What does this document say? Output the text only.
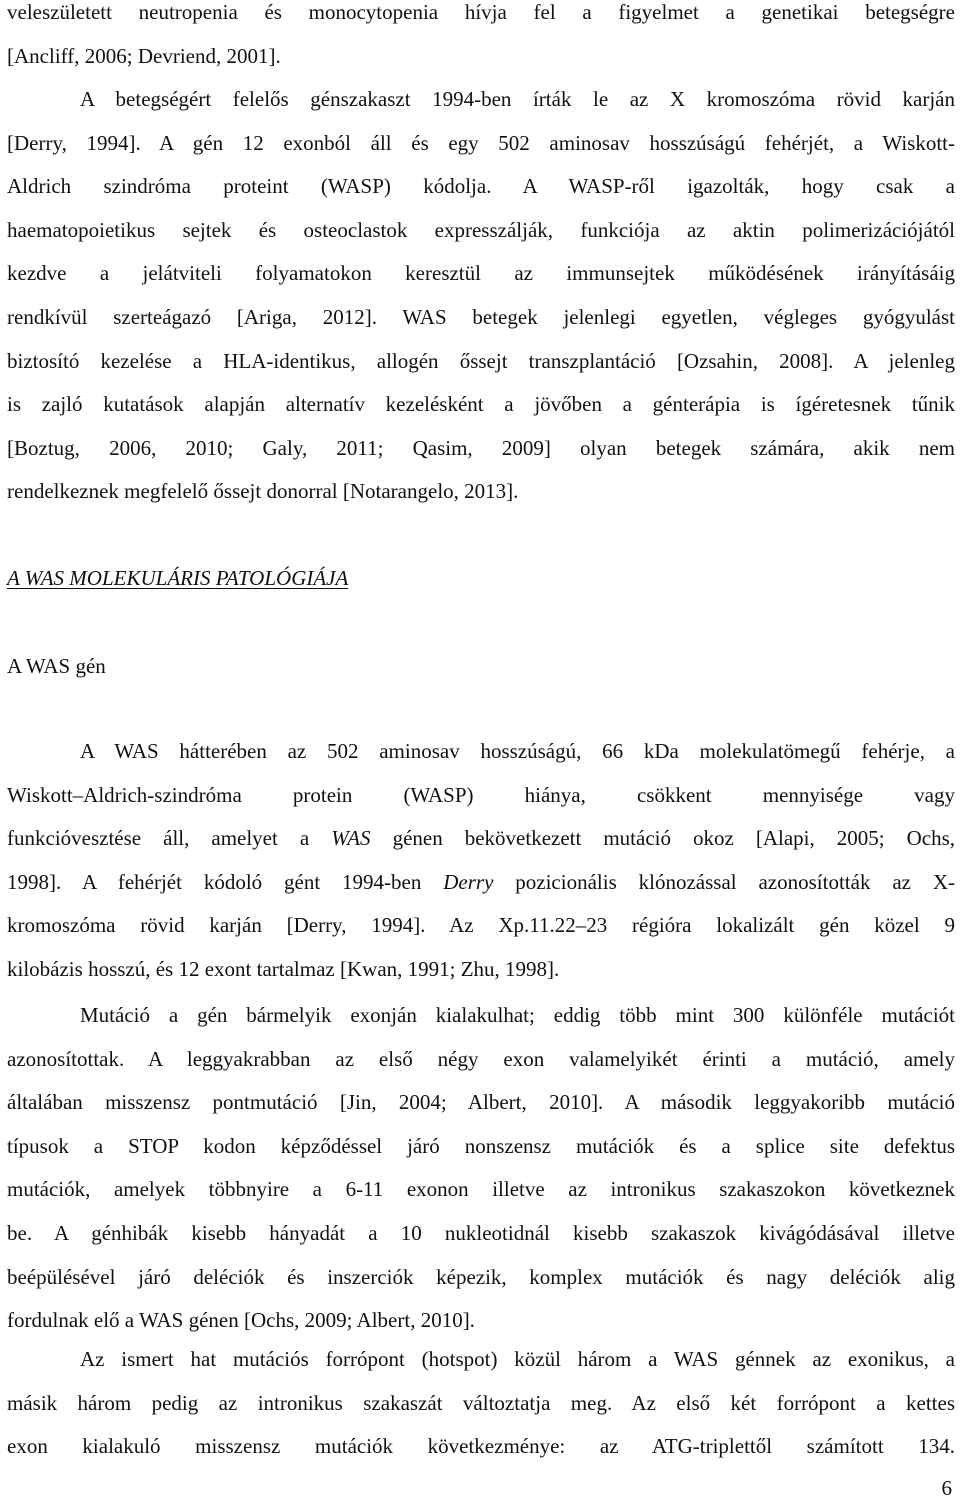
veleszületett neutropenia és monocytopenia hívja fel a figyelmet a genetikai betegségre
[Ancliff, 2006; Devriend, 2001].
A betegségért felelős génszakaszt 1994-ben írták le az X kromoszóma rövid karján
[Derry, 1994]. A gén 12 exonból áll és egy 502 aminosav hosszúságú fehérjét, a Wiskott-
Aldrich szindróma proteint (WASP) kódolja. A WASP-ről igazolták, hogy csak a
haematopoietikus sejtek és osteoclastok expresszálják, funkciója az aktin polimerizációjától
kezdve a jelátviteli folyamatokon keresztül az immunsejtek működésének irányításáig
rendkívül szerteágazó [Ariga, 2012]. WAS betegek jelenlegi egyetlen, végleges gyógyulást
biztosító kezelése a HLA-identikus, allogén őssejt transzplantáció [Ozsahin, 2008]. A jelenleg
is zajló kutatások alapján alternatív kezelésként a jövőben a génterápia is ígéretesnek tűnik
[Boztug, 2006, 2010; Galy, 2011; Qasim, 2009] olyan betegek számára, akik nem
rendelkeznek megfelelő őssejt donorral [Notarangelo, 2013].
A WAS MOLEKULÁRIS PATOLÓGIÁJA
A WAS gén
A WAS hátterében az 502 aminosav hosszúságú, 66 kDa molekulatömegű fehérje, a
Wiskott–Aldrich-szindróma protein (WASP) hiánya, csökkent mennyisége vagy
funkcióvesztése áll, amelyet a WAS génen bekövetkezett mutáció okoz [Alapi, 2005; Ochs,
1998]. A fehérjét kódoló gént 1994-ben Derry pozicionális klónozással azonosították az X-
kromoszóma rövid karján [Derry, 1994]. Az Xp.11.22–23 régióra lokalizált gén közel 9
kilobázis hosszú, és 12 exont tartalmaz [Kwan, 1991; Zhu, 1998].
Mutáció a gén bármelyik exonján kialakulhat; eddig több mint 300 különféle mutációt
azonosítottak. A leggyakrabban az első négy exon valamelyikét érinti a mutáció, amely
általában misszensz pontmutáció [Jin, 2004; Albert, 2010]. A második leggyakoribb mutáció
típusok a STOP kodon képződéssel járó nonszensz mutációk és a splice site defektus
mutációk, amelyek többnyire a 6-11 exonon illetve az intronikus szakaszokon következnek
be. A génhibák kisebb hányadát a 10 nukleotidnál kisebb szakaszok kivágódásával illetve
beépülésével járó deléciók és inszerciók képezik, komplex mutációk és nagy deléciók alig
fordulnak elő a WAS génen [Ochs, 2009; Albert, 2010].
Az ismert hat mutációs forrópont (hotspot) közül három a WAS génnek az exonikus, a
másik három pedig az intronikus szakaszát változtatja meg. Az első két forrópont a kettes
exon kialakuló misszensz mutációk következménye: az ATG-triplettől számított 134.
6
